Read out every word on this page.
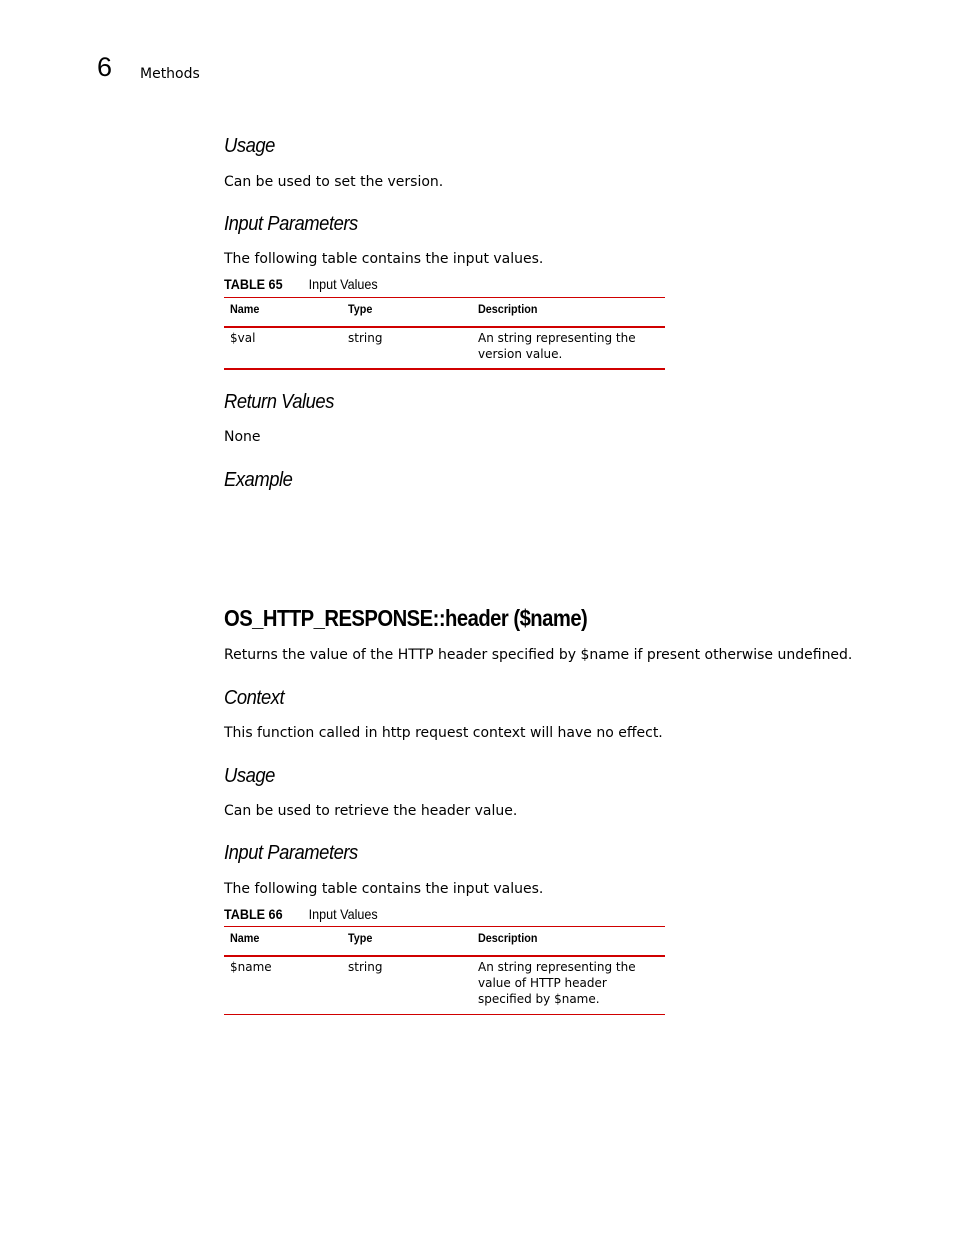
6 Methods
Usage
Can be used to set the version.
Input Parameters
The following table contains the input values.
TABLE 65 Input Values
Name	Type	Description
$val	string	An string representing the version value.
Return Values
None
Example
OS_HTTP_RESPONSE::header ($name)
Returns the value of the HTTP header specified by $name if present otherwise undefined.
Context
This function called in http request context will have no effect.
Usage
Can be used to retrieve the header value.
Input Parameters
The following table contains the input values.
TABLE 66 Input Values
Name	Type	Description
$name	string	An string representing the value of HTTP header specified by $name.
